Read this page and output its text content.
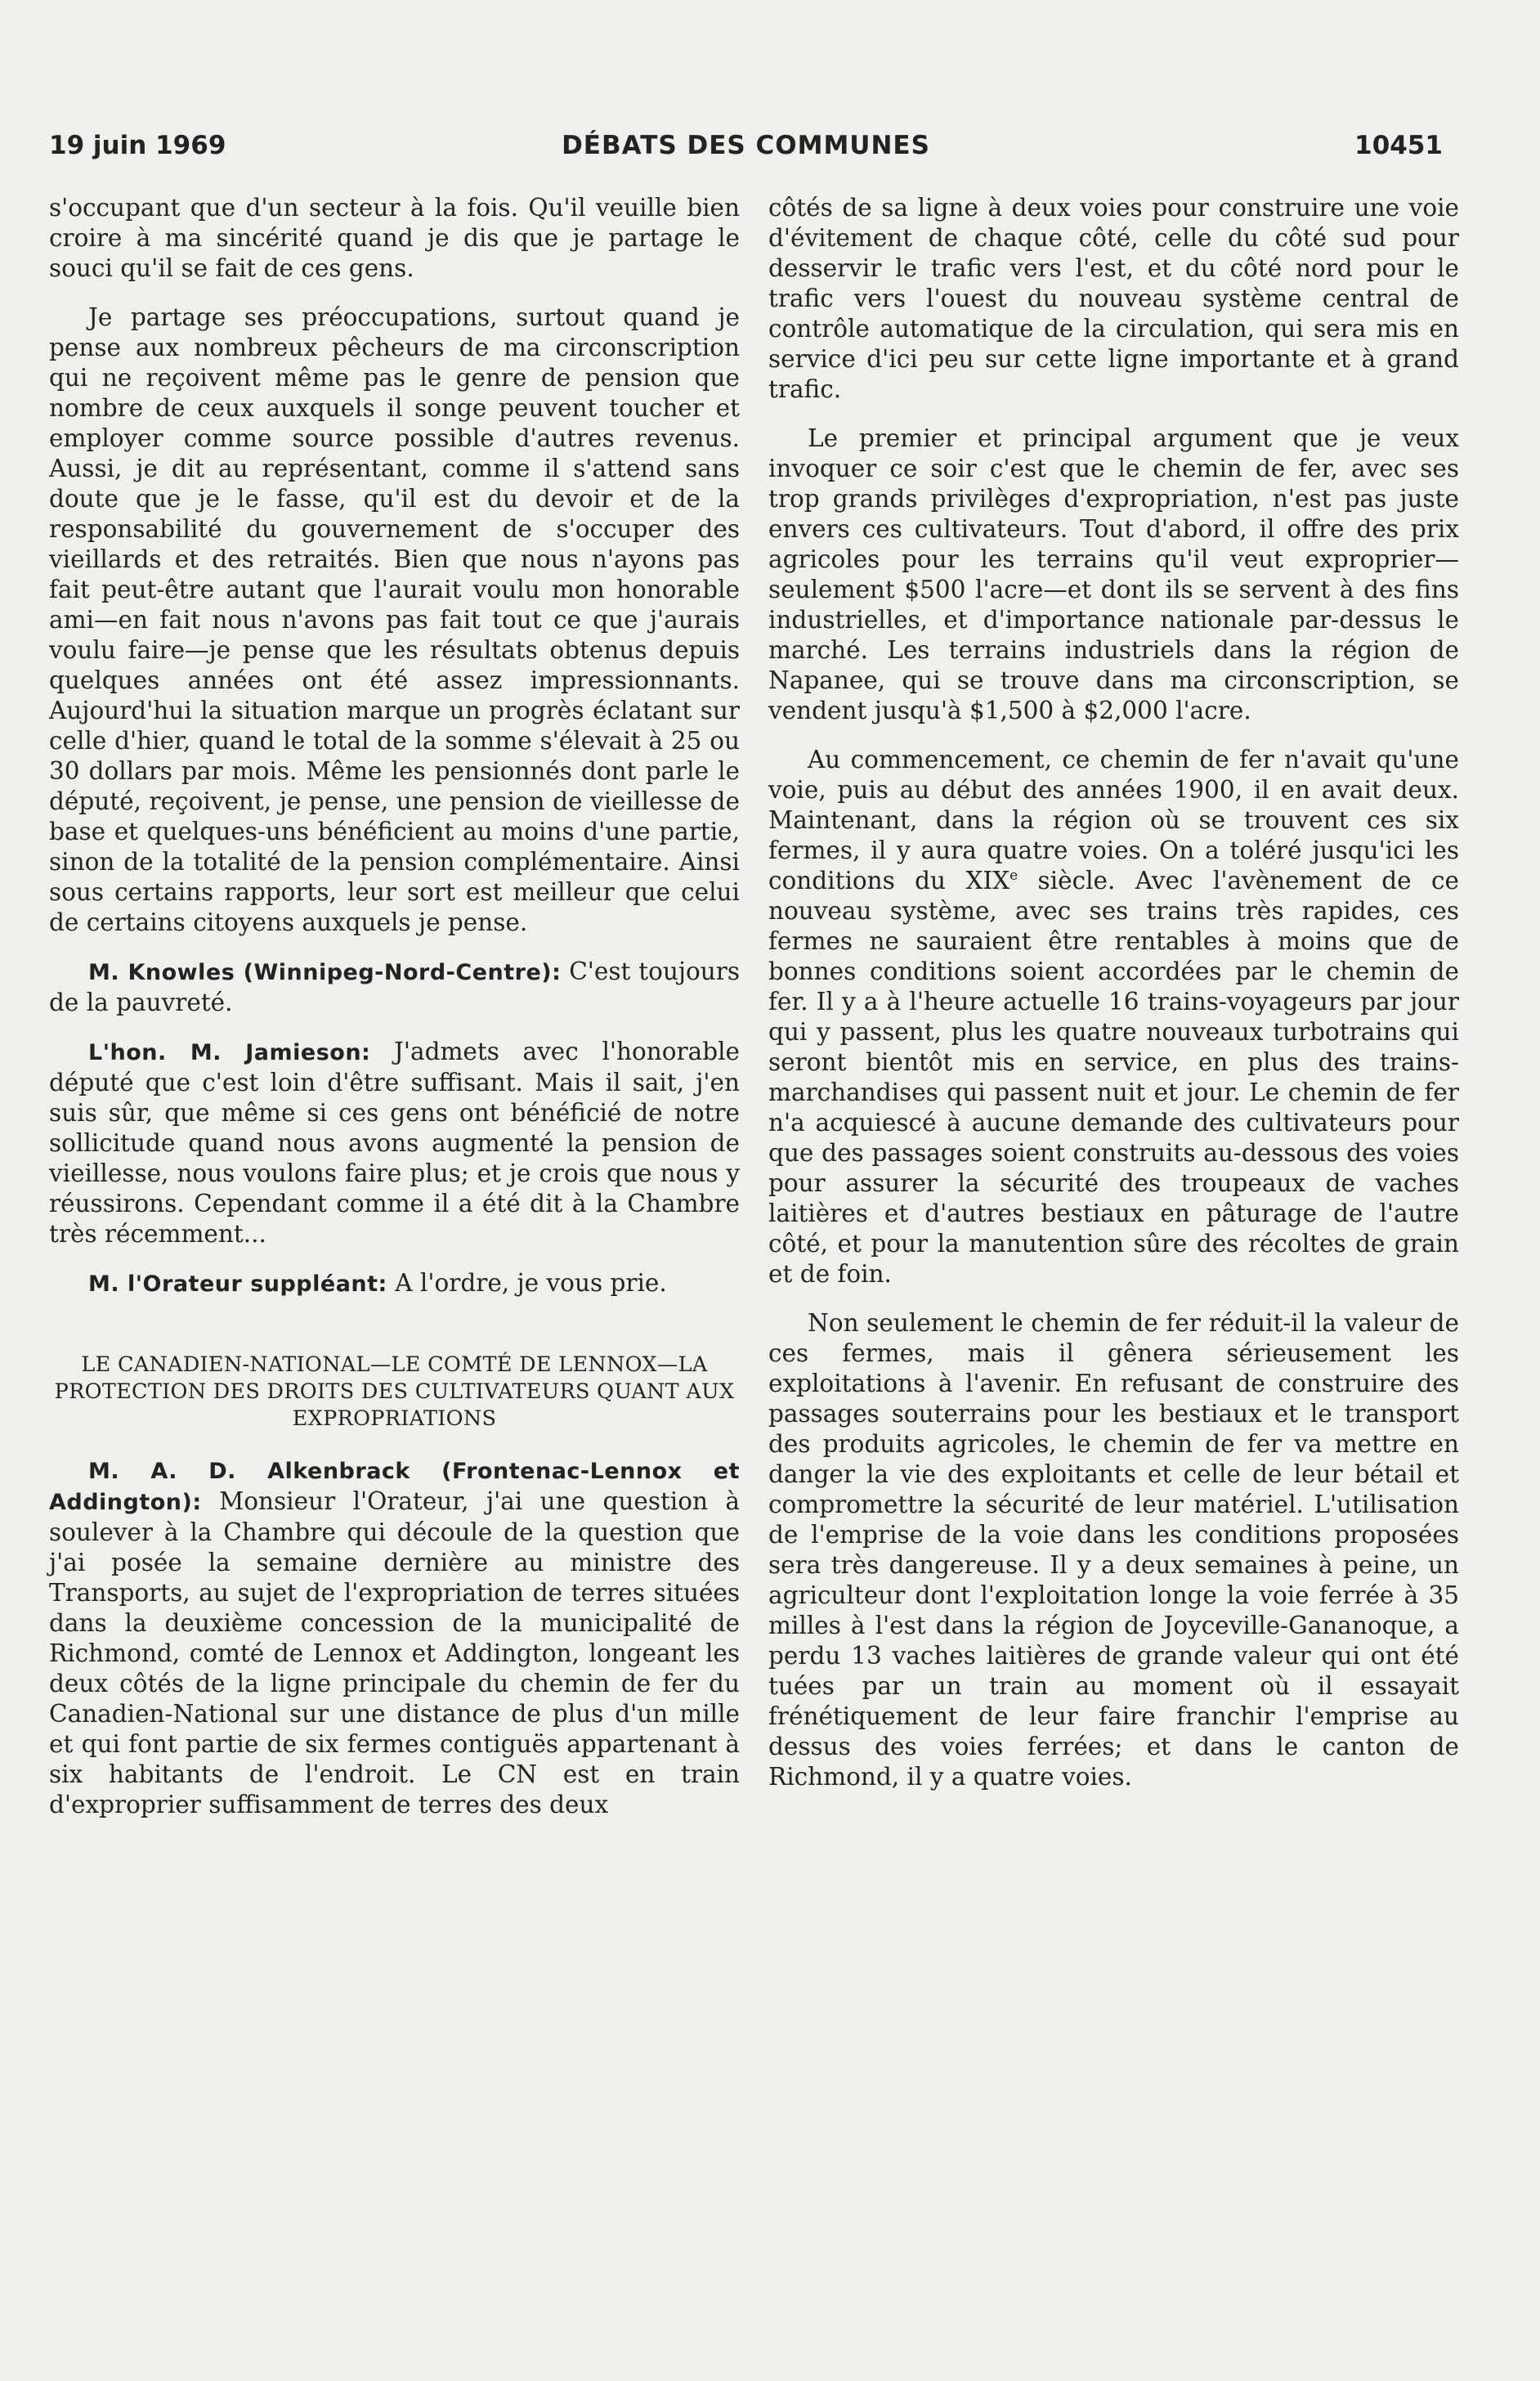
19 juin 1969	DÉBATS DES COMMUNES	10451

s'occupant que d'un secteur à la fois. Qu'il veuille bien croire à ma sincérité quand je dis que je partage le souci qu'il se fait de ces gens.

Je partage ses préoccupations, surtout quand je pense aux nombreux pêcheurs de ma circonscription qui ne reçoivent même pas le genre de pension que nombre de ceux auxquels il songe peuvent toucher et employer comme source possible d'autres revenus. Aussi, je dit au représentant, comme il s'attend sans doute que je le fasse, qu'il est du devoir et de la responsabilité du gouvernement de s'occuper des vieillards et des retraités. Bien que nous n'ayons pas fait peut-être autant que l'aurait voulu mon honorable ami—en fait nous n'avons pas fait tout ce que j'aurais voulu faire—je pense que les résultats obtenus depuis quelques années ont été assez impressionnants. Aujourd'hui la situation marque un progrès éclatant sur celle d'hier, quand le total de la somme s'élevait à 25 ou 30 dollars par mois. Même les pensionnés dont parle le député, reçoivent, je pense, une pension de vieillesse de base et quelques-uns bénéficient au moins d'une partie, sinon de la totalité de la pension complémentaire. Ainsi sous certains rapports, leur sort est meilleur que celui de certains citoyens auxquels je pense.

M. Knowles (Winnipeg-Nord-Centre): C'est toujours de la pauvreté.

L'hon. M. Jamieson: J'admets avec l'honorable député que c'est loin d'être suffisant. Mais il sait, j'en suis sûr, que même si ces gens ont bénéficié de notre sollicitude quand nous avons augmenté la pension de vieillesse, nous voulons faire plus; et je crois que nous y réussirons. Cependant comme il a été dit à la Chambre très récemment...

M. l'Orateur suppléant: A l'ordre, je vous prie.

LE CANADIEN-NATIONAL—LE COMTÉ DE LENNOX—LA PROTECTION DES DROITS DES CULTIVATEURS QUANT AUX EXPROPRIATIONS

M. A. D. Alkenbrack (Frontenac-Lennox et Addington): Monsieur l'Orateur, j'ai une question à soulever à la Chambre qui découle de la question que j'ai posée la semaine dernière au ministre des Transports, au sujet de l'expropriation de terres situées dans la deuxième concession de la municipalité de Richmond, comté de Lennox et Addington, longeant les deux côtés de la ligne principale du chemin de fer du Canadien-National sur une distance de plus d'un mille et qui font partie de six fermes contiguës appartenant à six habitants de l'endroit. Le CN est en train d'exproprier suffisamment de terres des deux

côtés de sa ligne à deux voies pour construire une voie d'évitement de chaque côté, celle du côté sud pour desservir le trafic vers l'est, et du côté nord pour le trafic vers l'ouest du nouveau système central de contrôle automatique de la circulation, qui sera mis en service d'ici peu sur cette ligne importante et à grand trafic.

Le premier et principal argument que je veux invoquer ce soir c'est que le chemin de fer, avec ses trop grands privilèges d'expropriation, n'est pas juste envers ces cultivateurs. Tout d'abord, il offre des prix agricoles pour les terrains qu'il veut exproprier—seulement $500 l'acre—et dont ils se servent à des fins industrielles, et d'importance nationale par-dessus le marché. Les terrains industriels dans la région de Napanee, qui se trouve dans ma circonscription, se vendent jusqu'à $1,500 à $2,000 l'acre.

Au commencement, ce chemin de fer n'avait qu'une voie, puis au début des années 1900, il en avait deux. Maintenant, dans la région où se trouvent ces six fermes, il y aura quatre voies. On a toléré jusqu'ici les conditions du XIXe siècle. Avec l'avènement de ce nouveau système, avec ses trains très rapides, ces fermes ne sauraient être rentables à moins que de bonnes conditions soient accordées par le chemin de fer. Il y a à l'heure actuelle 16 trains-voyageurs par jour qui y passent, plus les quatre nouveaux turbotrains qui seront bientôt mis en service, en plus des trains-marchandises qui passent nuit et jour. Le chemin de fer n'a acquiescé à aucune demande des cultivateurs pour que des passages soient construits au-dessous des voies pour assurer la sécurité des troupeaux de vaches laitières et d'autres bestiaux en pâturage de l'autre côté, et pour la manutention sûre des récoltes de grain et de foin.

Non seulement le chemin de fer réduit-il la valeur de ces fermes, mais il gênera sérieusement les exploitations à l'avenir. En refusant de construire des passages souterrains pour les bestiaux et le transport des produits agricoles, le chemin de fer va mettre en danger la vie des exploitants et celle de leur bétail et compromettre la sécurité de leur matériel. L'utilisation de l'emprise de la voie dans les conditions proposées sera très dangereuse. Il y a deux semaines à peine, un agriculteur dont l'exploitation longe la voie ferrée à 35 milles à l'est dans la région de Joyceville-Gananoque, a perdu 13 vaches laitières de grande valeur qui ont été tuées par un train au moment où il essayait frénétiquement de leur faire franchir l'emprise au dessus des voies ferrées; et dans le canton de Richmond, il y a quatre voies.
